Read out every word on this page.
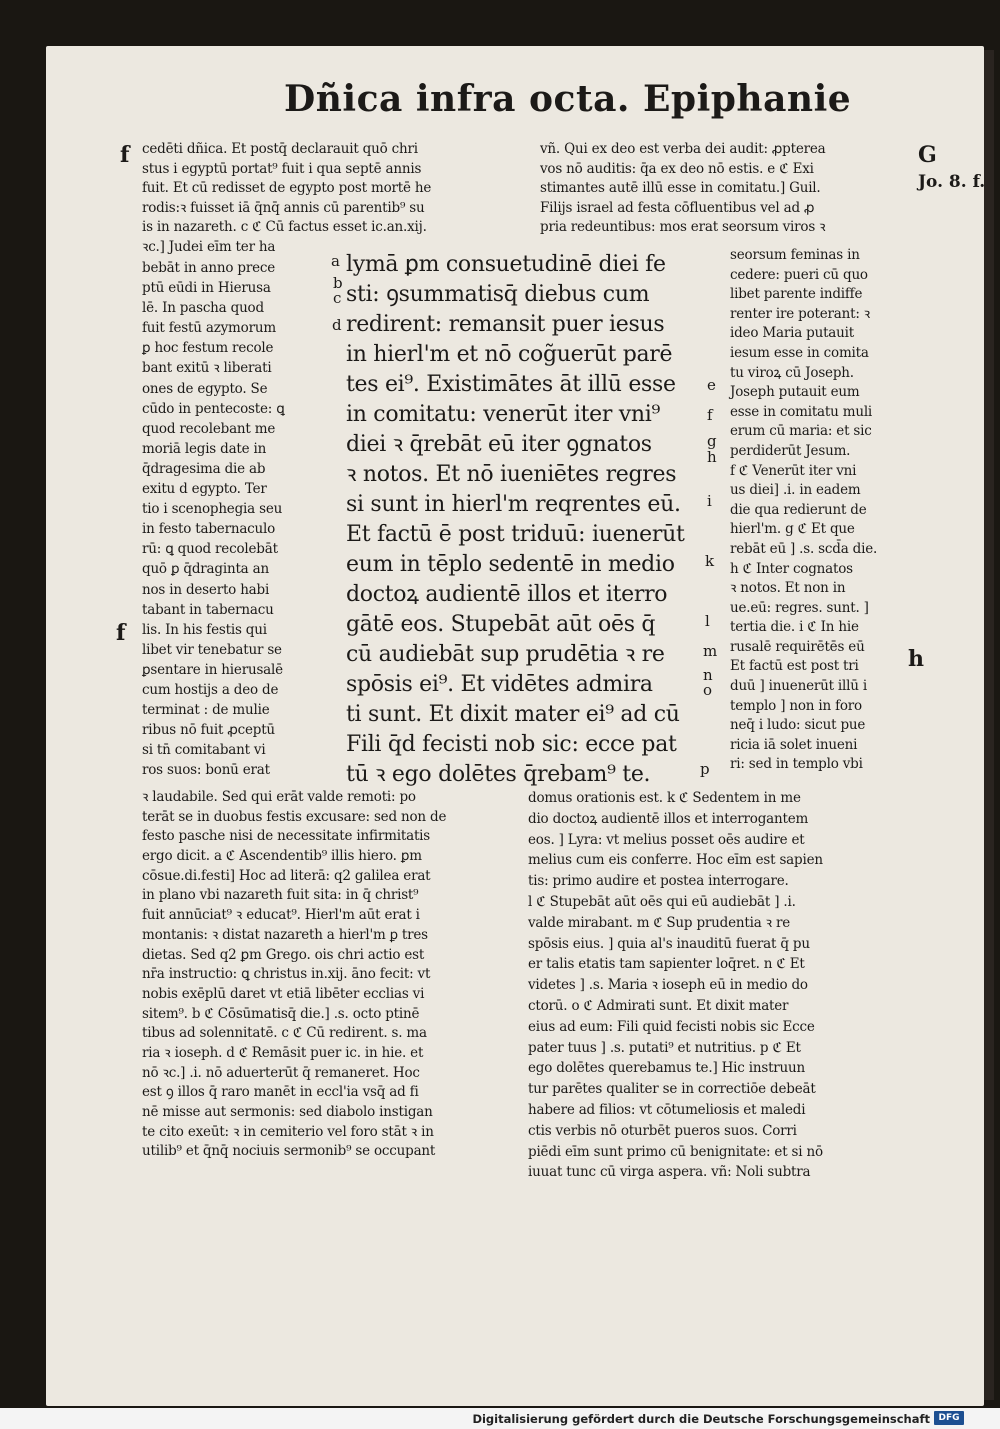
Dñica infra octa. Epiphanie
f
f
G
Jo. 8. f.
h
a
b
c
d
e
f
g
h
i
k
l
m
n
o
p
cedēti dñica. Et postq̄ declarauit quō chri
stus i egyptū portat⁹ fuit i qua septē annis
fuit. Et cū redisset de egypto post mortē he
rodis:ꝛ fuisset iā q̄nq̄ annis cū parentib⁹ su
is in nazareth. c ℭ Cū factus esset ic.an.xij.
ꝛc.] Judei eīm ter ha
vñ. Qui ex deo est verba dei audit: ꝓpterea
vos nō auditis: q̄a ex deo nō estis. e ℭ Exi
stimantes autē illū esse in comitatu.] Guil.
Filijs israel ad festa cōfluentibus vel ad ꝓ
pria redeuntibus: mos erat seorsum viros ꝛ
bebāt in anno prece
ptū eūdi in Hierusa
lē. In pascha quod
fuit festū azymorum
ꝑ hoc festum recole
bant exitū ꝛ liberati
ones de egypto. Se
cūdo in pentecoste: ꝗ
quod recolebant me
moriā legis date in
q̄dragesima die ab
exitu d egypto. Ter
tio i scenophegia seu
in festo tabernaculo
rū: ꝗ quod recolebāt
quō ꝑ q̄draginta an
nos in deserto habi
tabant in tabernacu
lis. In his festis qui
libet vir tenebatur se
ꝑsentare in hierusalē
cum hostijs a deo de
terminat : de mulie
ribus nō fuit ꝓceptū
si tn̄ comitabant vi
ros suos: bonū erat
lymā ꝑm consuetudinē diei fe
sti: ꝯsummatisq̄ diebus cum
redirent: remansit puer iesus
in hierl'm et nō cog̃uerūt parē
tes ei⁹. Existimātes āt illū esse
in comitatu: venerūt iter vni⁹
diei ꝛ q̄rebāt eū iter ꝯgnatos
ꝛ notos. Et nō iueniētes regres
si sunt in hierl'm reqrentes eū.
Et factū ē post triduū: iuenerūt
eum in tēplo sedentē in medio
doctoꝝ audientē illos et iterro
gātē eos. Stupebāt aūt oēs q̄
cū audiebāt sup prudētia ꝛ re
spōsis ei⁹. Et vidētes admira
ti sunt. Et dixit mater ei⁹ ad cū
Fili q̄d fecisti nob sic: ecce pat
tū ꝛ ego dolētes q̄rebam⁹ te.
seorsum feminas in
cedere: pueri cū quo
libet parente indiffe
renter ire poterant: ꝛ
ideo Maria putauit
iesum esse in comita
tu viroꝝ cū Joseph.
Joseph putauit eum
esse in comitatu muli
erum cū maria: et sic
perdiderūt Jesum.
f ℭ Venerūt iter vni
us diei] .i. in eadem
die qua redierunt de
hierl'm. g ℭ Et que
rebāt eū ] .s. scd̄a die.
h ℭ Inter cognatos
ꝛ notos. Et non in
ue.eū: regres. sunt. ]
tertia die. i ℭ In hie
rusalē requirētēs eū
Et factū est post tri
duū ] inuenerūt illū i
templo ] non in foro
neq̄ i ludo: sicut pue
ricia iā solet inueni
ri: sed in templo vbi
ꝛ laudabile. Sed qui erāt valde remoti: po
terāt se in duobus festis excusare: sed non de
festo pasche nisi de necessitate infirmitatis
ergo dicit. a ℭ Ascendentib⁹ illis hiero. ꝑm
cōsue.di.festi] Hoc ad literā: q2 galilea erat
in plano vbi nazareth fuit sita: in q̄ christ⁹
fuit annūciat⁹ ꝛ educat⁹. Hierl'm aūt erat i
montanis: ꝛ distat nazareth a hierl'm ꝑ tres
dietas. Sed q2 ꝑm Grego. ois chri actio est
nr̄a instructio: ꝗ christus in.xij. āno fecit: vt
nobis exēplū daret vt etiā libēter ecclias vi
sitem⁹. b ℭ Cōsūmatisq̄ die.] .s. octo ptinē
tibus ad solennitatē. c ℭ Cū redirent. s. ma
ria ꝛ ioseph. d ℭ Remāsit puer ic. in hie. et
nō ꝛc.] .i. nō aduerterūt q̄ remaneret. Hoc
est ꝯ illos q̄ raro manēt in eccl'ia vsq̄ ad fi
nē misse aut sermonis: sed diabolo instigan
te cito exeūt: ꝛ in cemiterio vel foro stāt ꝛ in
utilib⁹ et q̄nq̄ nociuis sermonib⁹ se occupant
domus orationis est. k ℭ Sedentem in me
dio doctoꝝ audientē illos et interrogantem
eos. ] Lyra: vt melius posset oēs audire et
melius cum eis conferre. Hoc eīm est sapien
tis: primo audire et postea interrogare.
l ℭ Stupebāt aūt oēs qui eū audiebāt ] .i.
valde mirabant. m ℭ Sup prudentia ꝛ re
spōsis eius. ] quia al's inauditū fuerat q̄ pu
er talis etatis tam sapienter loq̄ret. n ℭ Et
videtes ] .s. Maria ꝛ ioseph eū in medio do
ctorū. o ℭ Admirati sunt. Et dixit mater
eius ad eum: Fili quid fecisti nobis sic Ecce
pater tuus ] .s. putati⁹ et nutritius. p ℭ Et
ego dolētes querebamus te.] Hic instruun
tur parētes qualiter se in correctiōe debeāt
habere ad filios: vt cōtumeliosis et maledi
ctis verbis nō oturbēt pueros suos. Corri
piēdi eīm sunt primo cū benignitate: et si nō
iuuat tunc cū virga aspera. vñ: Noli subtra
Digitalisierung gefördert durch die Deutsche Forschungsgemeinschaft DFG
